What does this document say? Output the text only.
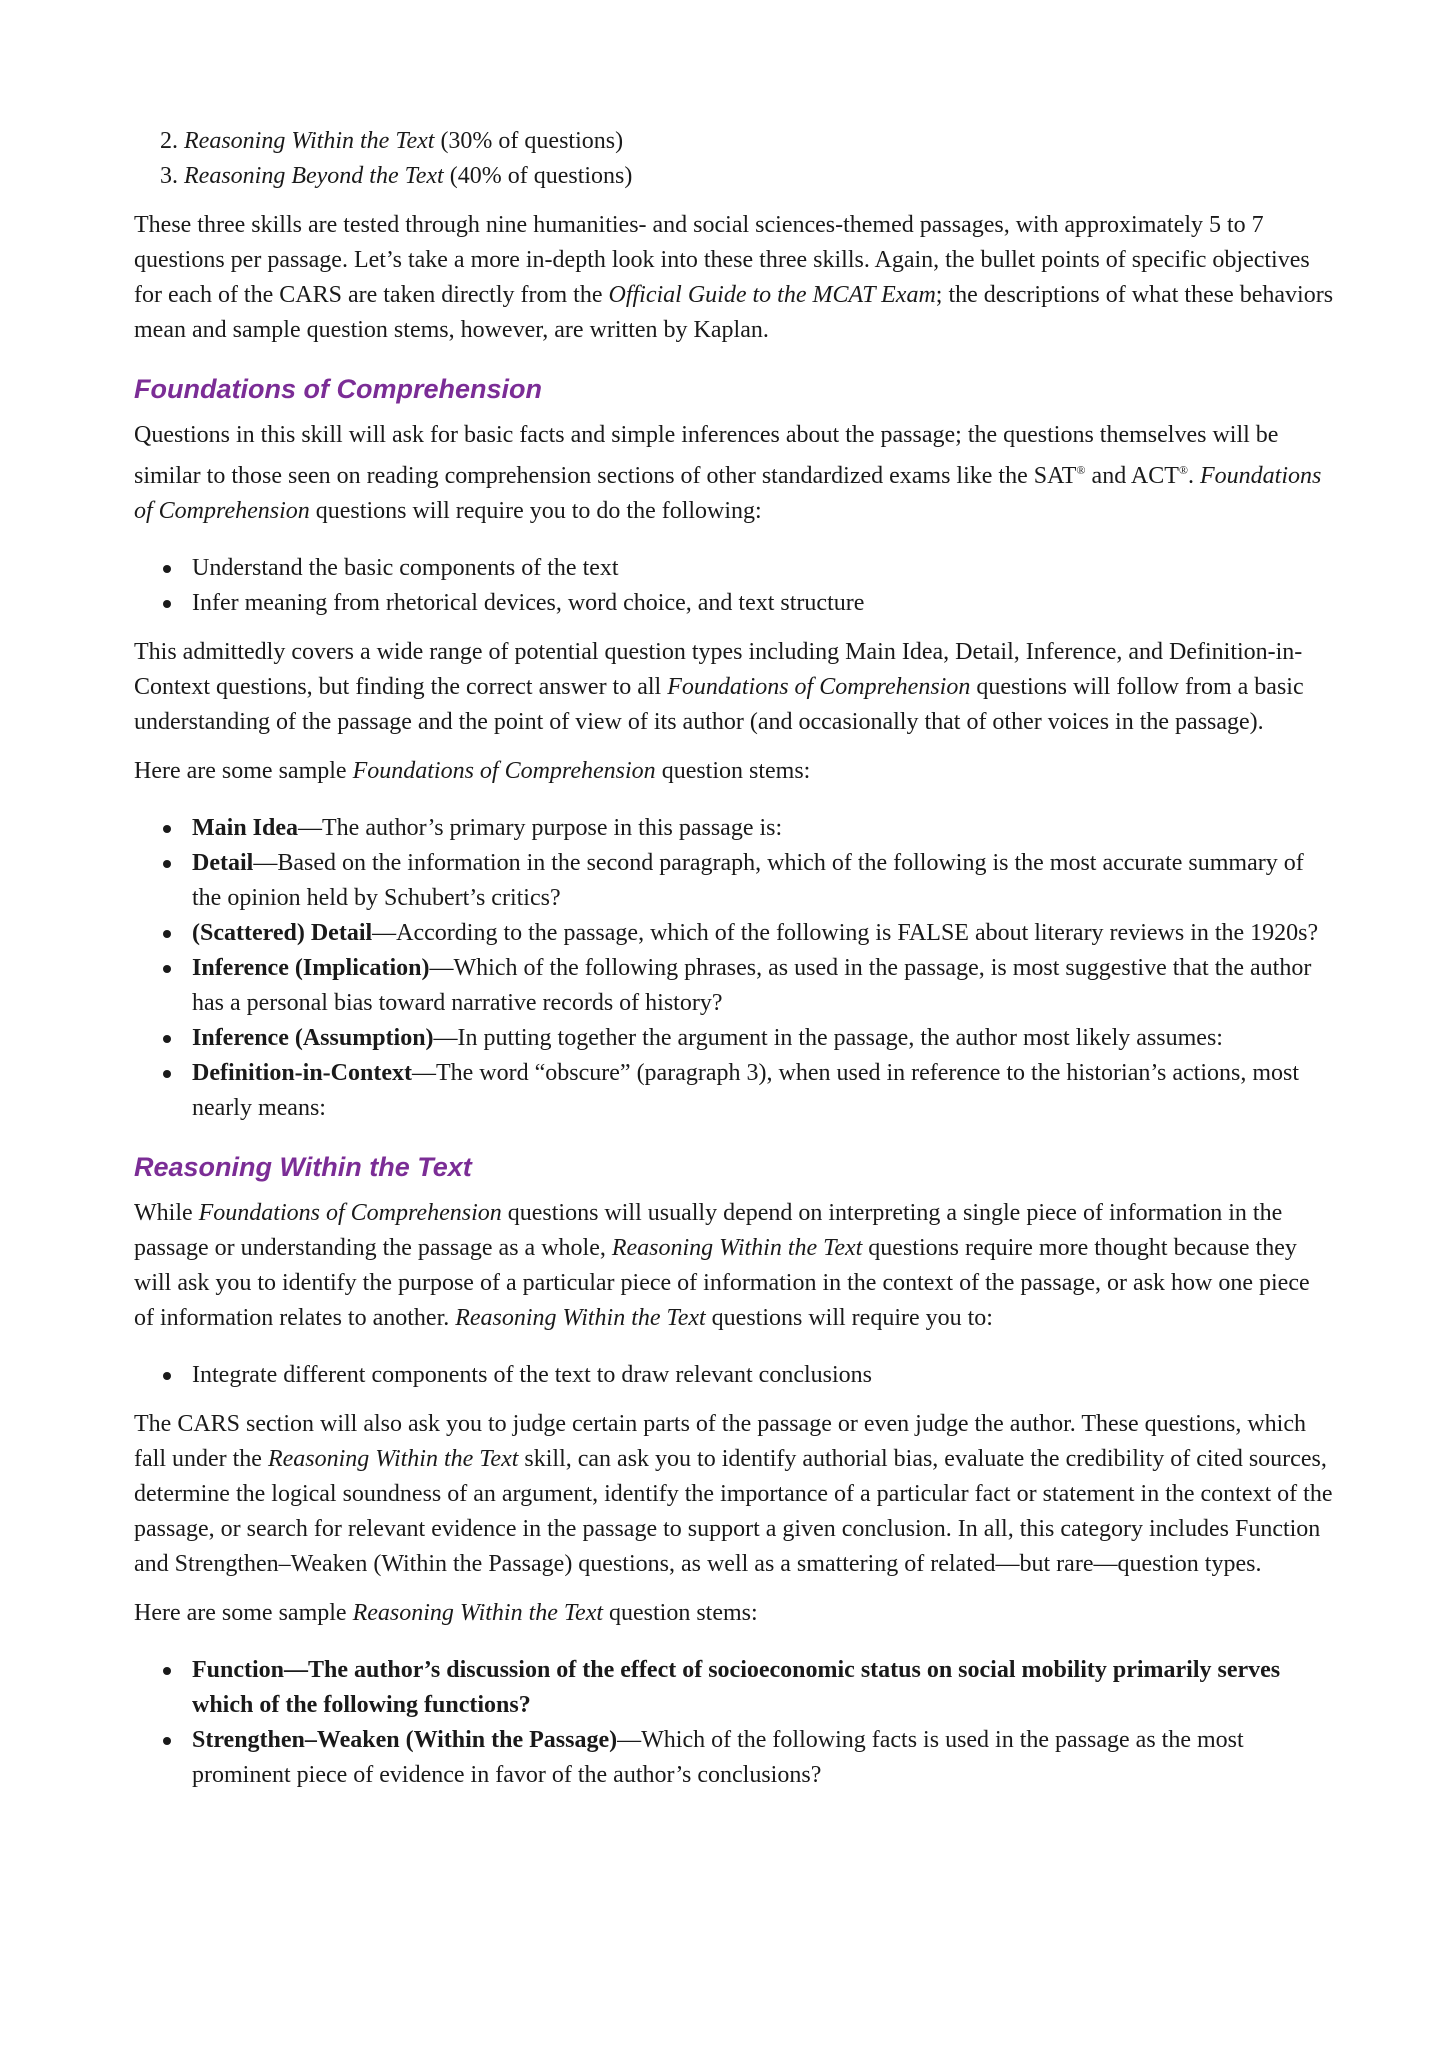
2. Reasoning Within the Text (30% of questions)
3. Reasoning Beyond the Text (40% of questions)

These three skills are tested through nine humanities- and social sciences-themed passages, with approximately 5 to 7 questions per passage. Let’s take a more in-depth look into these three skills. Again, the bullet points of specific objectives for each of the CARS are taken directly from the Official Guide to the MCAT Exam; the descriptions of what these behaviors mean and sample question stems, however, are written by Kaplan.

Foundations of Comprehension

Questions in this skill will ask for basic facts and simple inferences about the passage; the questions themselves will be similar to those seen on reading comprehension sections of other standardized exams like the SAT® and ACT®. Foundations of Comprehension questions will require you to do the following:

Understand the basic components of the text
Infer meaning from rhetorical devices, word choice, and text structure

This admittedly covers a wide range of potential question types including Main Idea, Detail, Inference, and Definition-in-Context questions, but finding the correct answer to all Foundations of Comprehension questions will follow from a basic understanding of the passage and the point of view of its author (and occasionally that of other voices in the passage).

Here are some sample Foundations of Comprehension question stems:

Main Idea—The author’s primary purpose in this passage is:
Detail—Based on the information in the second paragraph, which of the following is the most accurate summary of the opinion held by Schubert’s critics?
(Scattered) Detail—According to the passage, which of the following is FALSE about literary reviews in the 1920s?
Inference (Implication)—Which of the following phrases, as used in the passage, is most suggestive that the author has a personal bias toward narrative records of history?
Inference (Assumption)—In putting together the argument in the passage, the author most likely assumes:
Definition-in-Context—The word “obscure” (paragraph 3), when used in reference to the historian’s actions, most nearly means:
Reasoning Within the Text

While Foundations of Comprehension questions will usually depend on interpreting a single piece of information in the passage or understanding the passage as a whole, Reasoning Within the Text questions require more thought because they will ask you to identify the purpose of a particular piece of information in the context of the passage, or ask how one piece of information relates to another. Reasoning Within the Text questions will require you to:

Integrate different components of the text to draw relevant conclusions

The CARS section will also ask you to judge certain parts of the passage or even judge the author. These questions, which fall under the Reasoning Within the Text skill, can ask you to identify authorial bias, evaluate the credibility of cited sources, determine the logical soundness of an argument, identify the importance of a particular fact or statement in the context of the passage, or search for relevant evidence in the passage to support a given conclusion. In all, this category includes Function and Strengthen–Weaken (Within the Passage) questions, as well as a smattering of related—but rare—question types.

Here are some sample Reasoning Within the Text question stems:

Function—The author’s discussion of the effect of socioeconomic status on social mobility primarily serves which of the following functions?
Strengthen–Weaken (Within the Passage)—Which of the following facts is used in the passage as the most prominent piece of evidence in favor of the author’s conclusions?
